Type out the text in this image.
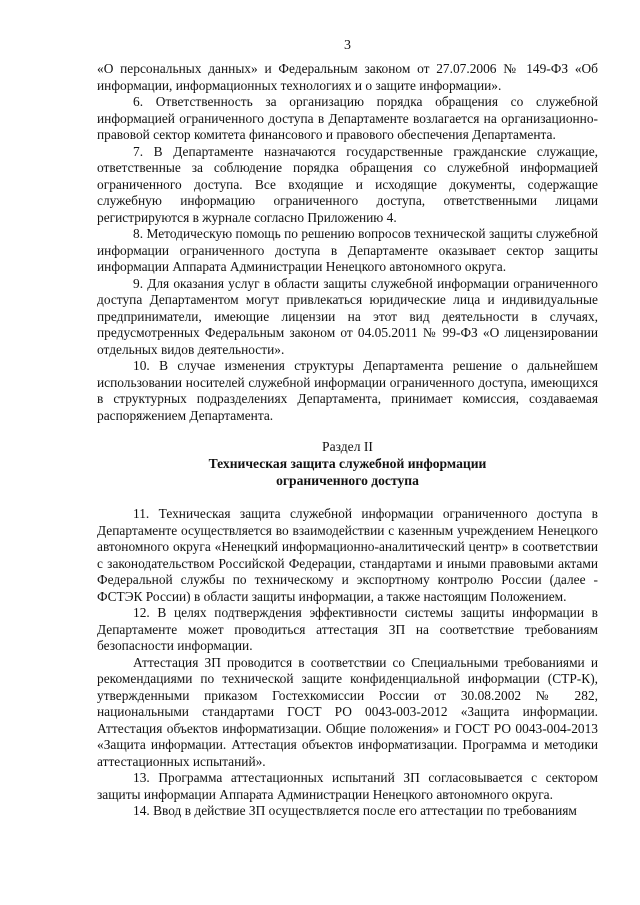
3

«О персональных данных» и Федеральным законом от 27.07.2006 № 149-ФЗ «Об информации, информационных технологиях и о защите информации».

6. Ответственность за организацию порядка обращения со служебной информацией ограниченного доступа в Департаменте возлагается на организационно-правовой сектор комитета финансового и правового обеспечения Департамента.

7. В Департаменте назначаются государственные гражданские служащие, ответственные за соблюдение порядка обращения со служебной информацией ограниченного доступа. Все входящие и исходящие документы, содержащие служебную информацию ограниченного доступа, ответственными лицами регистрируются в журнале согласно Приложению 4.

8. Методическую помощь по решению вопросов технической защиты служебной информации ограниченного доступа в Департаменте оказывает сектор защиты информации Аппарата Администрации Ненецкого автономного округа.

9. Для оказания услуг в области защиты служебной информации ограниченного доступа Департаментом могут привлекаться юридические лица и индивидуальные предприниматели, имеющие лицензии на этот вид деятельности в случаях, предусмотренных Федеральным законом от 04.05.2011 № 99-ФЗ «О лицензировании отдельных видов деятельности».

10. В случае изменения структуры Департамента решение о дальнейшем использовании носителей служебной информации ограниченного доступа, имеющихся в структурных подразделениях Департамента, принимает комиссия, создаваемая распоряжением Департамента.

Раздел II

Техническая защита служебной информации

ограниченного доступа

11. Техническая защита служебной информации ограниченного доступа в Департаменте осуществляется во взаимодействии с казенным учреждением Ненецкого автономного округа «Ненецкий информационно-аналитический центр» в соответствии с законодательством Российской Федерации, стандартами и иными правовыми актами Федеральной службы по техническому и экспортному контролю России (далее - ФСТЭК России) в области защиты информации, а также настоящим Положением.

12. В целях подтверждения эффективности системы защиты информации в Департаменте может проводиться аттестация ЗП на соответствие требованиям безопасности информации.

Аттестация ЗП проводится в соответствии со Специальными требованиями и рекомендациями по технической защите конфиденциальной информации (СТР-К), утвержденными приказом Гостехкомиссии России от 30.08.2002 № 282, национальными стандартами ГОСТ РО 0043-003-2012 «Защита информации. Аттестация объектов информатизации. Общие положения» и ГОСТ РО 0043-004-2013 «Защита информации. Аттестация объектов информатизации. Программа и методики аттестационных испытаний».

13. Программа аттестационных испытаний ЗП согласовывается с сектором защиты информации Аппарата Администрации Ненецкого автономного округа.

14. Ввод в действие ЗП осуществляется после его аттестации по требованиям
